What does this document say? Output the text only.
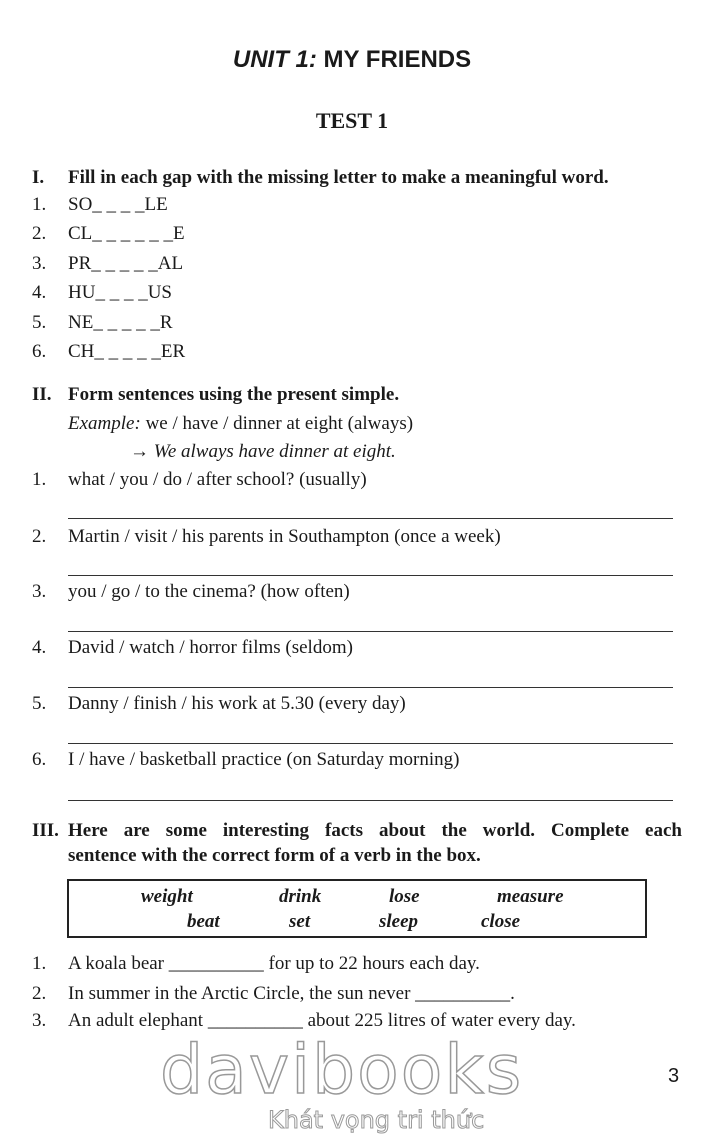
UNIT 1: MY FRIENDS
TEST 1
I. Fill in each gap with the missing letter to make a meaningful word.
1. SO_ _ _ _LE
2. CL_ _ _ _ _ _E
3. PR_ _ _ _ _AL
4. HU_ _ _ _US
5. NE_ _ _ _ _R
6. CH_ _ _ _ _ER
II. Form sentences using the present simple.
Example: we / have / dinner at eight (always)
→ We always have dinner at eight.
1. what / you / do / after school? (usually)
2. Martin / visit / his parents in Southampton (once a week)
3. you / go / to the cinema? (how often)
4. David / watch / horror films (seldom)
5. Danny / finish / his work at 5.30 (every day)
6. I / have / basketball practice (on Saturday morning)
III. Here are some interesting facts about the world. Complete each
sentence with the correct form of a verb in the box.
weight	drink	lose	measure
beat	set	sleep	close
1. A koala bear __________ for up to 22 hours each day.
2. In summer in the Arctic Circle, the sun never __________.
3. An adult elephant __________ about 225 litres of water every day.
davibooks
Khát vọng tri thức
3
